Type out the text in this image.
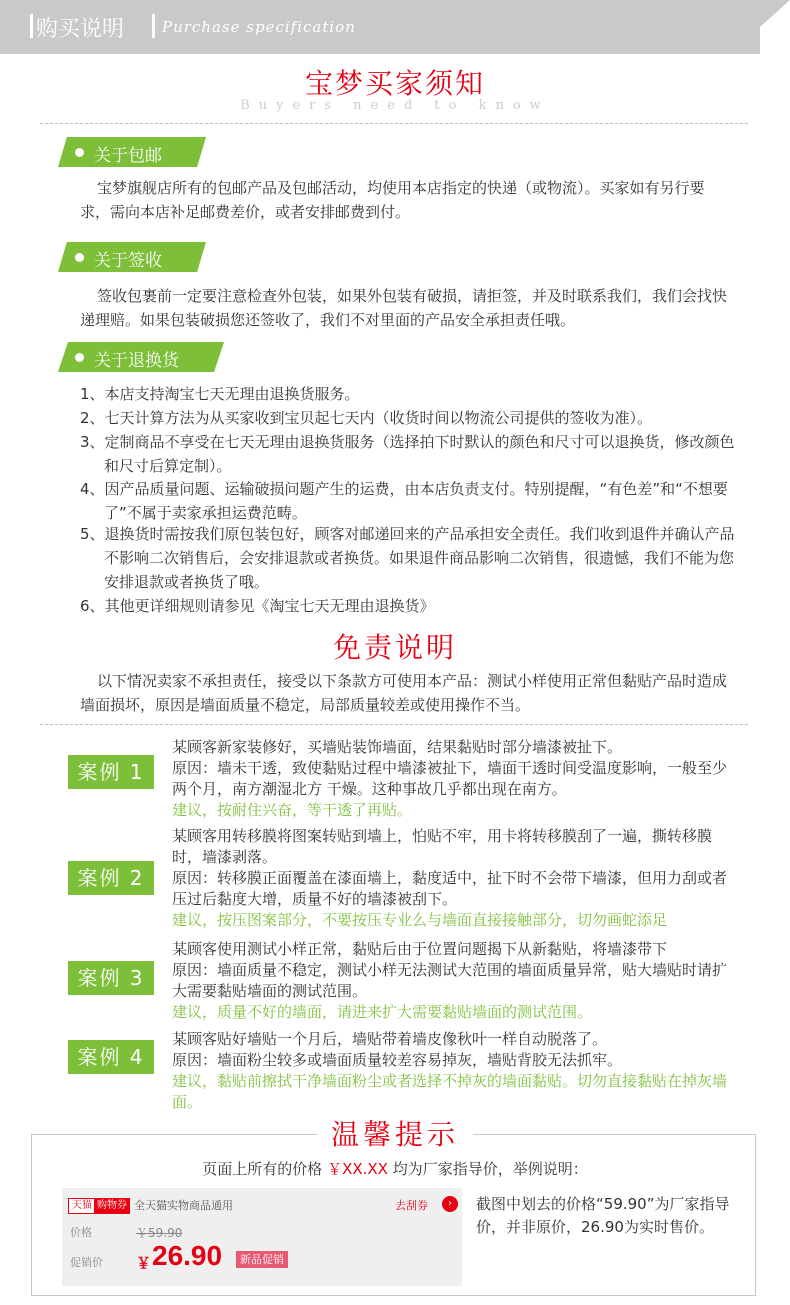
购买说明	Purchase specification
宝梦买家须知
Buyers need to know
关于包邮
宝梦旗舰店所有的包邮产品及包邮活动，均使用本店指定的快递（或物流）。买家如有另行要求，需向本店补足邮费差价，或者安排邮费到付。
关于签收
签收包裹前一定要注意检查外包装，如果外包装有破损，请拒签，并及时联系我们，我们会找快递理赔。如果包装破损您还签收了，我们不对里面的产品安全承担责任哦。
关于退换货
1、本店支持淘宝七天无理由退换货服务。
2、七天计算方法为从买家收到宝贝起七天内（收货时间以物流公司提供的签收为准）。
3、定制商品不享受在七天无理由退换货服务（选择拍下时默认的颜色和尺寸可以退换货，修改颜色和尺寸后算定制）。
4、因产品质量问题、运输破损问题产生的运费，由本店负责支付。特别提醒，“有色差”和“不想要了”不属于卖家承担运费范畴。
5、退换货时需按我们原包装包好，顾客对邮递回来的产品承担安全责任。我们收到退件并确认产品不影响二次销售后，会安排退款或者换货。如果退件商品影响二次销售，很遗憾，我们不能为您安排退款或者换货了哦。
6、其他更详细规则请参见《淘宝七天无理由退换货》
免责说明
以下情况卖家不承担责任，接受以下条款方可使用本产品：测试小样使用正常但黏贴产品时造成墙面损坏，原因是墙面质量不稳定，局部质量较差或使用操作不当。
案例 1
某顾客新家装修好，买墙贴装饰墙面，结果黏贴时部分墙漆被扯下。
原因：墙未干透，致使黏贴过程中墙漆被扯下，墙面干透时间受温度影响，一般至少两个月，南方潮湿北方 干燥。这种事故几乎都出现在南方。
建议，按耐住兴奋，等干透了再贴。
案例 2
某顾客用转移膜将图案转贴到墙上，怕贴不牢，用卡将转移膜刮了一遍，撕转移膜时，墙漆剥落。
原因：转移膜正面覆盖在漆面墙上，黏度适中，扯下时不会带下墙漆，但用力刮或者压过后黏度大增，质量不好的墙漆被刮下。
建议，按压图案部分，不要按压专业么与墙面直接接触部分，切勿画蛇添足
案例 3
某顾客使用测试小样正常，黏贴后由于位置问题揭下从新黏贴，将墙漆带下
原因：墙面质量不稳定，测试小样无法测试大范围的墙面质量异常，贴大墙贴时请扩大需要黏贴墙面的测试范围。
建议，质量不好的墙面，请进来扩大需要黏贴墙面的测试范围。
案例 4
某顾客贴好墙贴一个月后，墙贴带着墙皮像秋叶一样自动脱落了。
原因：墙面粉尘较多或墙面质量较差容易掉灰，墙贴背胶无法抓牢。
建议，黏贴前擦拭干净墙面粉尘或者选择不掉灰的墙面黏贴。切勿直接黏贴在掉灰墙面。
温馨提示
页面上所有的价格 ￥XX.XX 均为厂家指导价，举例说明：
天猫 购物券 全天猫实物商品通用	去刮券	›
价格	￥59.90
促销价 ￥ 26.90	新品促销
截图中划去的价格“59.90”为厂家指导价，并非原价，26.90为实时售价。
